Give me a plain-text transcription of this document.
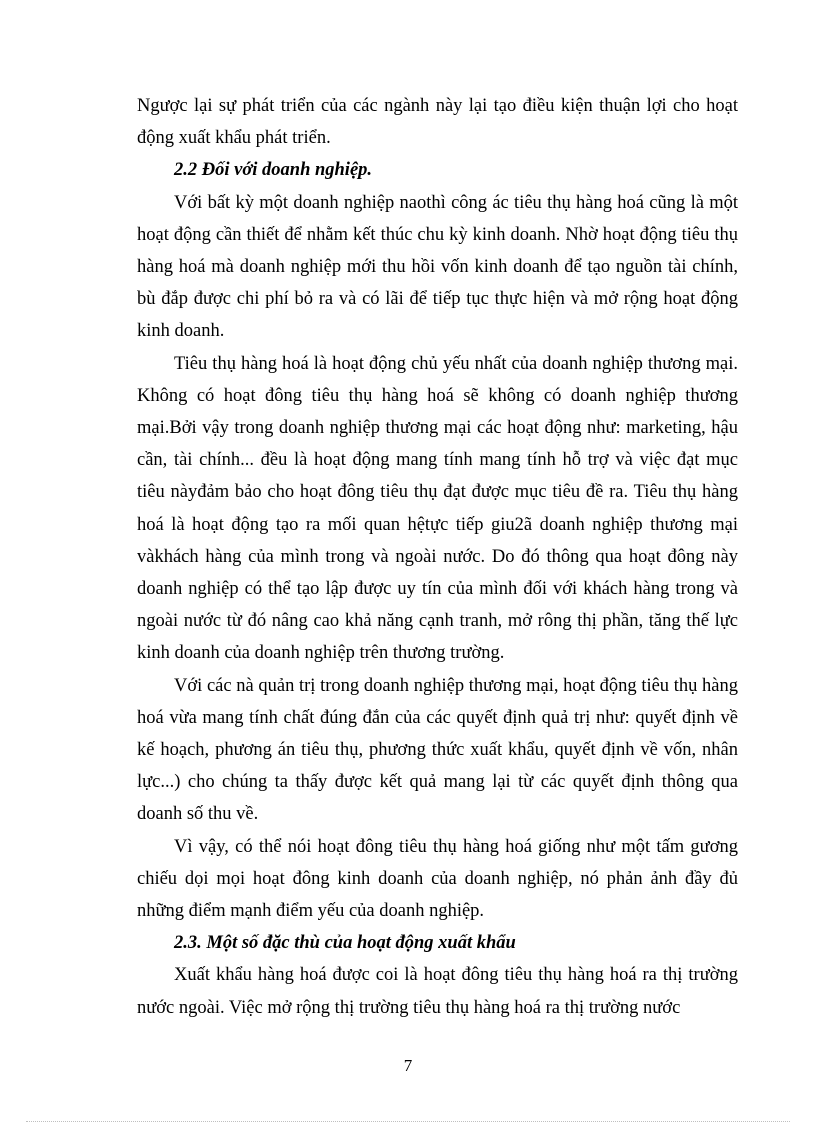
Ngược lại sự phát triển của các ngành này lại tạo điều kiện thuận lợi cho hoạt động xuất khẩu phát triển.

2.2 Đối với doanh nghiệp.

Với bất kỳ một doanh nghiệp naothì công ác tiêu thụ hàng hoá cũng là một hoạt động cần thiết để nhằm kết thúc chu kỳ kinh doanh. Nhờ hoạt động tiêu thụ hàng hoá mà doanh nghiệp mới thu hồi vốn kinh doanh để tạo nguồn tài chính, bù đắp được chi phí bỏ ra và có lãi để tiếp tục thực hiện và mở rộng hoạt động kinh doanh.

Tiêu thụ hàng hoá là hoạt động chủ yếu nhất của doanh nghiệp thương mại. Không có hoạt đông tiêu thụ hàng hoá sẽ không có doanh nghiệp thương mại.Bởi vậy trong doanh nghiệp thương mại các hoạt động như: marketing, hậu cần, tài chính... đều là hoạt động mang tính mang tính hỗ trợ và việc đạt mục tiêu nàyđảm bảo cho hoạt đông tiêu thụ đạt được mục tiêu đề ra. Tiêu thụ hàng hoá là hoạt động tạo ra mối quan hệtực tiếp giu2ã doanh nghiệp thương mại vàkhách hàng của mình trong và ngoài nước. Do đó thông qua hoạt đông này doanh nghiệp có thể tạo lập được uy tín của mình đối với khách hàng trong và ngoài nước từ đó nâng cao khả năng cạnh tranh, mở rông thị phần, tăng thế lực kinh doanh của doanh nghiệp trên thương trường.

Với các nà quản trị trong doanh nghiệp thương mại, hoạt động tiêu thụ hàng hoá vừa mang tính chất đúng đắn của các quyết định quả trị như: quyết định về kế hoạch, phương án tiêu thụ, phương thức xuất khẩu, quyết định về vốn, nhân lực...) cho chúng ta thấy được kết quả mang lại từ các quyết định thông qua doanh số thu về.

Vì vậy, có thể nói hoạt đông tiêu thụ hàng hoá giống như một tấm gương chiếu dọi mọi hoạt đông kinh doanh của doanh nghiệp, nó phản ảnh đầy đủ những điểm mạnh điểm yếu của doanh nghiệp.

2.3. Một số đặc thù của hoạt động xuất khẩu

Xuất khẩu hàng hoá được coi là hoạt đông tiêu thụ hàng hoá ra thị trường nước ngoài. Việc mở rộng thị trường tiêu thụ hàng hoá ra thị trường nước

7
